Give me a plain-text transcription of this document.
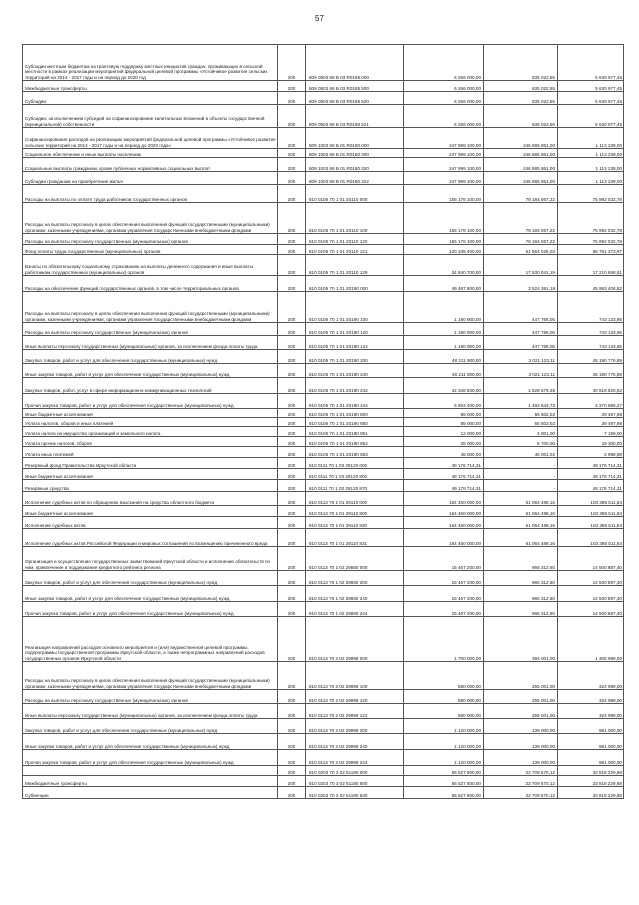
57
Субсидии местным бюджетам на грантовую поддержку местных инициатив граждан, проживающих в сельской местности в рамках реализации мероприятий федеральной целевой программы «Устойчивое развитие сельских территорий на 2014 - 2017 годы и на период до 2020 год	200	809 0503 68 Б 03 R0188 000	6 266 000,00	635 022,55	5 630 977,45
Межбюджетные трансферты	200	809 0503 68 Б 03 R0188 500	6 266 000,00	635 022,55	5 630 977,45
Субсидии	200	809 0503 68 Б 03 R0188 520	6 266 000,00	635 022,55	5 630 977,45
Субсидии, за исключением субсидий на софинансирование капитальных вложений в объекты государственной (муниципальной) собственности	200	809 0503 68 Б 03 R0188 521	6 266 000,00	635 022,55	5 630 977,45
Софинансирование расходов на реализацию мероприятий федеральной целевой программы «Устойчивое развитие сельских территорий на 2014 - 2017 годы и на период до 2020 года»	200	809 1003 68 Б 01 R0180 000	247 999 100,00	246 885 861,00	1 113 239,00
Социальное обеспечение и иные выплаты населению	200	809 1003 68 Б 01 R0180 300	247 999 100,00	246 885 861,00	1 113 239,00
Социальные выплаты гражданам, кроме публичных нормативных социальных выплат	200	809 1003 68 Б 01 R0180 320	247 999 100,00	246 885 861,00	1 113 239,00
Субсидии гражданам на приобретение жилья	200	809 1003 68 Б 01 R0180 322	247 999 100,00	246 885 861,00	1 113 239,00
Расходы на выплаты по оплате труда работников государственных органов	200	810 0106 70 1 01 20110 000	155 176 100,00	79 184 067,22	75 992 032,78
Расходы на выплаты персоналу в целях обеспечения выполнения функций государственными (муниципальными) органами, казенными учреждениями, органами управления государственными внебюджетными фондами	200	810 0106 70 1 01 20110 100	155 176 100,00	79 184 067,22	75 992 032,78
Расходы на выплаты персоналу государственных (муниципальных) органов	200	810 0106 70 1 01 20110 120	155 176 100,00	79 184 067,22	75 992 032,78
Фонд оплаты труда государственных (муниципальных) органов	200	810 0106 70 1 01 20110 121	120 335 400,00	61 554 026,03	58 781 373,97
Взносы по обязательному социальному страхованию на выплаты денежного содержания и иные выплаты работникам государственных (муниципальных) органов	200	810 0106 70 1 01 20110 129	34 840 700,00	17 630 041,19	17 210 658,81
Расходы на обеспечение функций государственных органов, в том числе территориальных органов	200	810 0106 70 1 01 20190 000	49 487 800,00	3 524 391,18	45 963 408,82
Расходы на выплаты персоналу в целях обеспечения выполнения функций государственными (муниципальными) органами, казенными учреждениями, органами управления государственными внебюджетными фондами	200	810 0106 70 1 01 20190 100	1 190 900,00	447 766,05	743 133,95
Расходы на выплаты персоналу государственных (муниципальных) органов	200	810 0106 70 1 01 20190 120	1 190 900,00	447 766,05	743 133,95
Иные выплаты персоналу государственных (муниципальных) органов, за исключением фонда оплаты труда	200	810 0106 70 1 01 20190 122	1 190 900,00	447 766,05	743 133,95
Закупка товаров, работ и услуг для обеспечения государственных (муниципальных) нужд	200	810 0106 70 1 01 20190 200	48 211 900,00	3 021 123,11	45 190 776,89
Иные закупки товаров, работ и услуг для обеспечения государственных (муниципальных) нужд	200	810 0106 70 1 01 20190 240	48 211 900,00	3 021 123,11	45 190 776,89
Закупка товаров, работ, услуг в сфере информационно-коммуникационных технологий	200	810 0106 70 1 01 20190 242	42 348 500,00	1 528 579,38	40 819 920,62
Прочая закупка товаров, работ и услуг для обеспечения государственных (муниципальных) нужд	200	810 0106 70 1 01 20190 244	5 863 400,00	1 492 543,73	4 370 856,27
Иные бюджетные ассигнования	200	810 0106 70 1 01 20190 800	85 000,00	55 502,02	29 497,98
Уплата налогов, сборов и иных платежей	200	810 0106 70 1 01 20190 850	85 000,00	55 502,02	29 497,98
Уплата налога на имущество организаций и земельного налога	200	810 0106 70 1 01 20190 851	12 000,00	4 801,00	7 199,00
Уплата прочих налогов, сборов	200	810 0106 70 1 01 20190 852	25 000,00	5 700,00	19 300,00
Уплата иных платежей	200	810 0106 70 1 01 20190 853	48 000,00	45 001,02	2 998,98
Резервный фонд Правительства Иркутской области	200	810 0111 70 1 03 29120 000	49 176 714,31	-	49 176 714,31
Иные бюджетные ассигнования	200	810 0111 70 1 03 29120 800	49 176 714,31	-	49 176 714,31
Резервные средства	200	810 0111 70 1 03 29120 870	49 176 714,31	-	49 176 714,31
Исполнение судебных актов по обращению взыскания на средства областного бюджета	200	810 0113 70 1 01 29110 000	164 450 000,00	61 064 488,16	103 385 511,84
Иные бюджетные ассигнования	200	810 0113 70 1 01 29110 800	164 450 000,00	61 064 488,16	103 385 511,84
Исполнение судебных актов	200	810 0113 70 1 01 29110 830	164 450 000,00	61 064 488,16	103 385 511,84
Исполнение судебных актов Российской Федерации и мировых соглашений по возмещению причиненного вреда	200	810 0113 70 1 01 29110 831	164 450 000,00	61 064 488,16	103 385 511,84
Организация и осуществление государственных заимствований Иркутской области и исполнение обязательств по ним, привлечение и поддержание кредитного рейтинга региона	200	810 0113 70 1 02 29880 000	15 467 200,00	966 312,60	14 500 887,40
Закупка товаров, работ и услуг для обеспечения государственных (муниципальных) нужд	200	810 0113 70 1 02 29880 200	15 467 200,00	966 312,60	14 500 887,40
Иные закупки товаров, работ и услуг для обеспечения государственных (муниципальных) нужд	200	810 0113 70 1 02 29880 240	15 467 200,00	966 312,60	14 500 887,40
Прочая закупка товаров, работ и услуг для обеспечения государственных (муниципальных) нужд	200	810 0113 70 1 02 29880 244	15 467 200,00	966 312,60	14 500 887,40
Реализация направлений расходов основного мероприятия и (или) ведомственной целевой программы, подпрограммы государственной программы Иркутской области, а также непрограммных направлений расходов государственных органов Иркутской области	200	810 0113 70 2 02 29999 000	1 700 000,00	394 001,00	1 305 999,00
Расходы на выплаты персоналу в целях обеспечения выполнения функций государственными (муниципальными) органами, казенными учреждениями, органами управления государственными внебюджетными фондами	200	810 0113 70 2 02 29999 100	580 000,00	255 001,00	324 999,00
Расходы на выплаты персоналу государственных (муниципальных) органов	200	810 0113 70 2 02 29999 120	580 000,00	255 001,00	324 999,00
Иные выплаты персоналу государственных (муниципальных) органов, за исключением фонда оплаты труда	200	810 0113 70 2 02 29999 122	580 000,00	255 001,00	324 999,00
Закупка товаров, работ и услуг для обеспечения государственных (муниципальных) нужд	200	810 0113 70 2 02 29999 200	1 120 000,00	139 000,00	981 000,00
Иные закупки товаров, работ и услуг для обеспечения государственных (муниципальных) нужд	200	810 0113 70 2 02 29999 240	1 120 000,00	139 000,00	981 000,00
Прочая закупка товаров, работ и услуг для обеспечения государственных (муниципальных) нужд	200	810 0113 70 2 02 29999 244	1 120 000,00	139 000,00	981 000,00
	200	810 0203 70 3 02 51180 000	56 527 800,00	22 709 570,12	33 818 229,88
Межбюджетные трансферты	200	810 0203 70 3 02 51180 500	56 527 800,00	22 709 570,12	33 818 229,88
Субвенции	200	810 0203 70 3 02 51180 530	56 527 800,00	22 709 570,12	33 818 229,88
